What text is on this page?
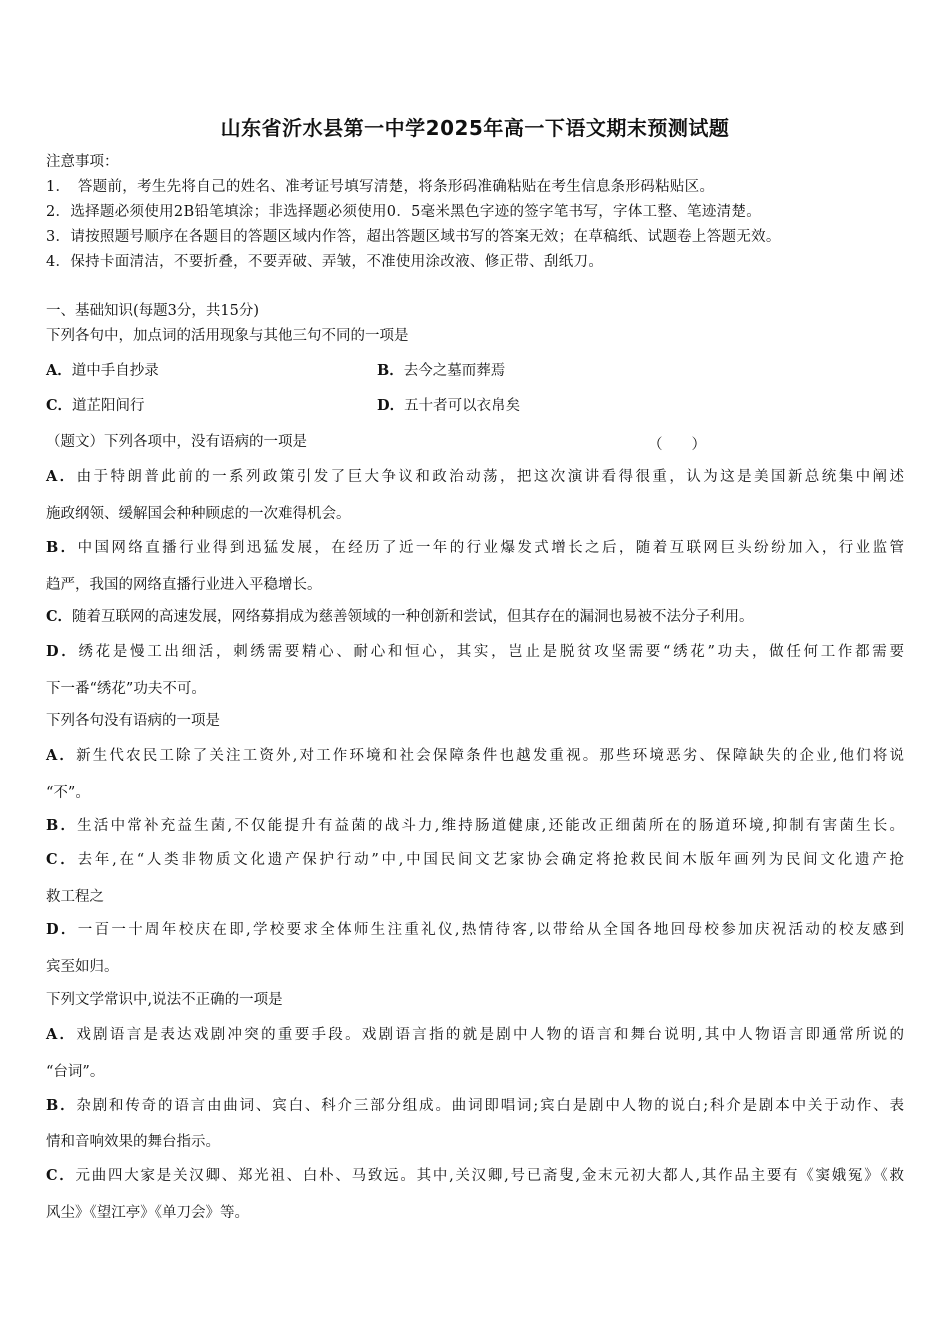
山东省沂水县第一中学2025年高一下语文期末预测试题
注意事项：
1．　答题前，考生先将自己的姓名、准考证号填写清楚，将条形码准确粘贴在考生信息条形码粘贴区。
2．选择题必须使用2B铅笔填涂；非选择题必须使用0．5毫米黑色字迹的签字笔书写，字体工整、笔迹清楚。
3．请按照题号顺序在各题目的答题区域内作答，超出答题区域书写的答案无效；在草稿纸、试题卷上答题无效。
4．保持卡面清洁，不要折叠，不要弄破、弄皱，不准使用涂改液、修正带、刮纸刀。
一、基础知识(每题3分，共15分)
下列各句中，加点词的活用现象与其他三句不同的一项是
A．道中手自抄录	B．去今之墓而葬焉
C．道芷阳间行	D．五十者可以衣帛矣
（题文）下列各项中，没有语病的一项是	（　　）
A．由于特朗普此前的一系列政策引发了巨大争议和政治动荡，把这次演讲看得很重，认为这是美国新总统集中阐述
施政纲领、缓解国会种种顾虑的一次难得机会。
B．中国网络直播行业得到迅猛发展，在经历了近一年的行业爆发式增长之后，随着互联网巨头纷纷加入，行业监管
趋严，我国的网络直播行业进入平稳增长。
C．随着互联网的高速发展，网络募捐成为慈善领域的一种创新和尝试，但其存在的漏洞也易被不法分子利用。
D．绣花是慢工出细活，刺绣需要精心、耐心和恒心，其实，岂止是脱贫攻坚需要“绣花”功夫，做任何工作都需要
下一番“绣花”功夫不可。
下列各句没有语病的一项是
A．新生代农民工除了关注工资外,对工作环境和社会保障条件也越发重视。那些环境恶劣、保障缺失的企业,他们将说
“不”。
B．生活中常补充益生菌,不仅能提升有益菌的战斗力,维持肠道健康,还能改正细菌所在的肠道环境,抑制有害菌生长。
C．去年,在“人类非物质文化遗产保护行动”中,中国民间文艺家协会确定将抢救民间木版年画列为民间文化遗产抢
救工程之
D．一百一十周年校庆在即,学校要求全体师生注重礼仪,热情待客,以带给从全国各地回母校参加庆祝活动的校友感到
宾至如归。
下列文学常识中,说法不正确的一项是
A．戏剧语言是表达戏剧冲突的重要手段。戏剧语言指的就是剧中人物的语言和舞台说明,其中人物语言即通常所说的
“台词”。
B．杂剧和传奇的语言由曲词、宾白、科介三部分组成。曲词即唱词;宾白是剧中人物的说白;科介是剧本中关于动作、表
情和音响效果的舞台指示。
C．元曲四大家是关汉卿、郑光祖、白朴、马致远。其中,关汉卿,号已斋叟,金末元初大都人,其作品主要有《窦娥冤》《救
风尘》《望江亭》《单刀会》等。
